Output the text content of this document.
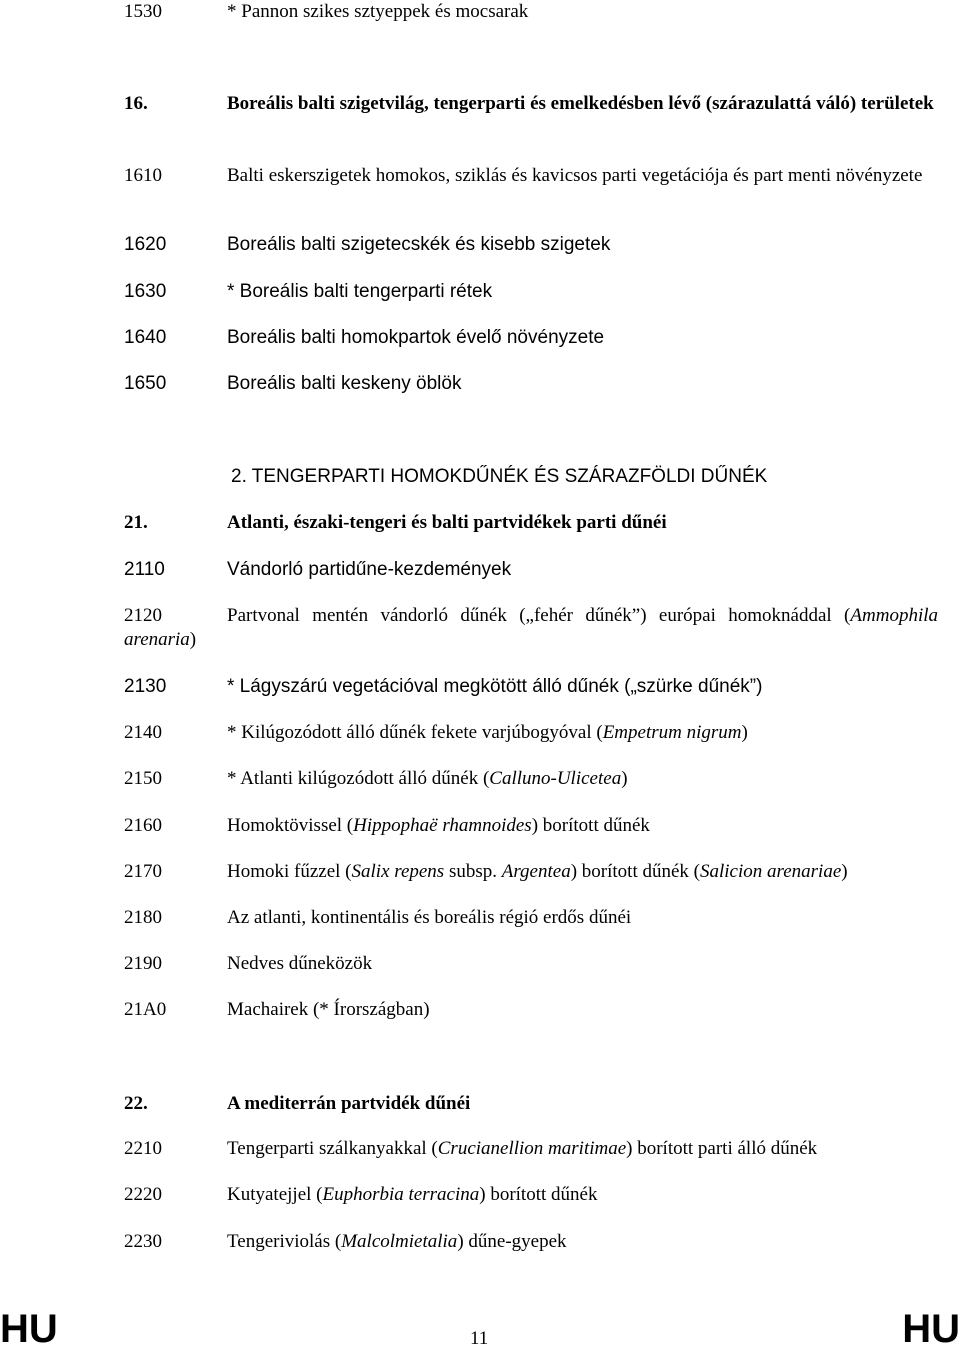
1530	* Pannon szikes sztyeppek és mocsarak
16.	Boreális balti szigetvilág, tengerparti és emelkedésben lévő (szárazulattá váló) területek
1610	Balti eskerszigetek homokos, sziklás és kavicsos parti vegetációja és part menti növényzete
1620	Boreális balti szigetecskék és kisebb szigetek
1630	* Boreális balti tengerparti rétek
1640	Boreális balti homokpartok évelő növényzete
1650	Boreális balti keskeny öblök
2. TENGERPARTI HOMOKDŰNÉK ÉS SZÁRAZFÖLDI DŰNÉK
21.	Atlanti, északi-tengeri és balti partvidékek parti dűnéi
2110	Vándorló partidűne-kezdemények
2120	Partvonal mentén vándorló dűnék („fehér dűnék”) európai homoknáddal (Ammophila arenaria)
2130	* Lágyszárú vegetációval megkötött álló dűnék („szürke dűnék”)
2140	* Kilúgozódott álló dűnék fekete varjúbogyóval (Empetrum nigrum)
2150	* Atlanti kilúgozódott álló dűnék (Calluno-Ulicetea)
2160	Homoktövissel (Hippophaë rhamnoides) borított dűnék
2170	Homoki fűzzel (Salix repens subsp. Argentea) borított dűnék (Salicion arenariae)
2180	Az atlanti, kontinentális és boreális régió erdős dűnéi
2190	Nedves dűneközök
21A0	Machairek (* Írországban)
22.	A mediterrán partvidék dűnéi
2210	Tengerparti szálkanyakkal (Crucianellion maritimae) borított parti álló dűnék
2220	Kutyatejjel (Euphorbia terracina) borított dűnék
2230	Tengeriviolás (Malcolmietalia) dűne-gyepek
HU	11	HU
